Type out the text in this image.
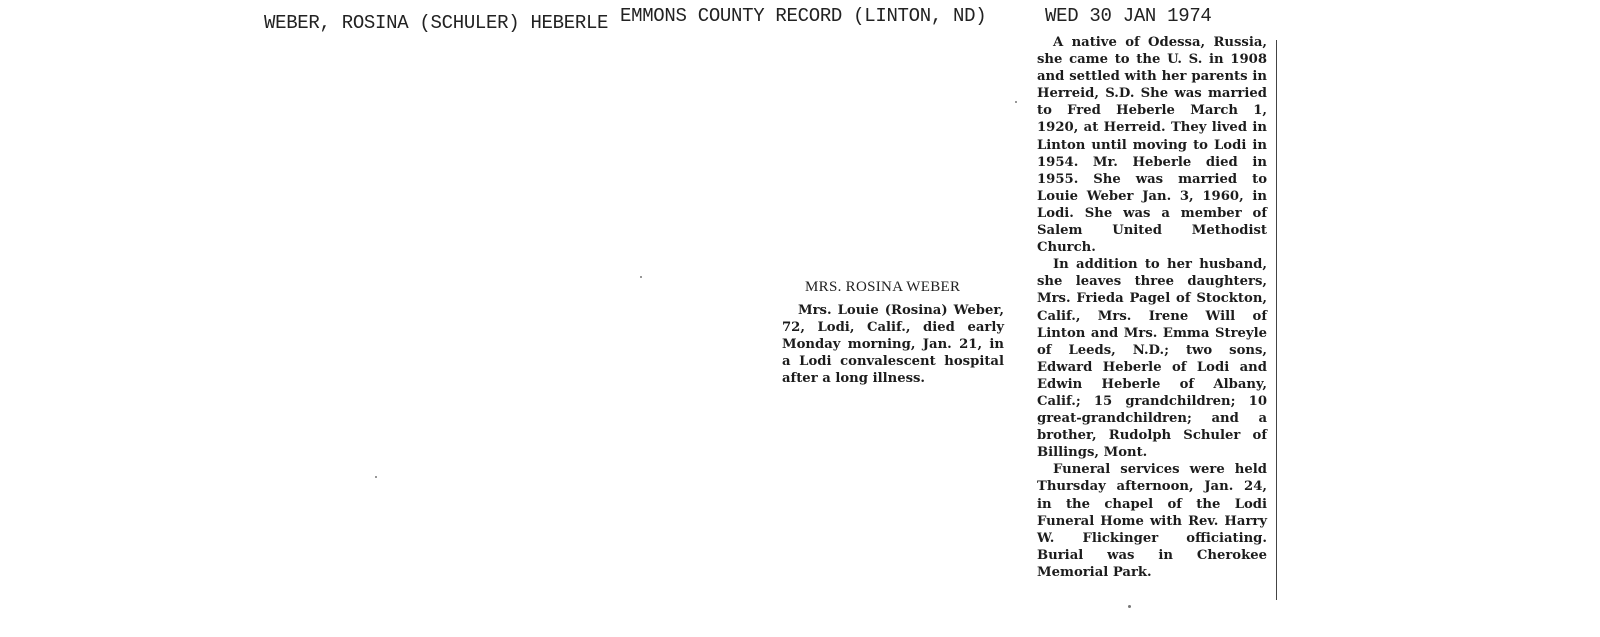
WEBER, ROSINA (SCHULER) HEBERLE EMMONS COUNTY RECORD (LINTON, ND)	WED 30 JAN 1974
MRS. ROSINA WEBER

Mrs. Louie (Rosina) Weber, 72, Lodi, Calif., died early Monday morning, Jan. 21, in a Lodi convalescent hospital after a long illness.

A native of Odessa, Russia, she came to the U. S. in 1908 and settled with her parents in Herreid, S.D. She was married to Fred Heberle March 1, 1920, at Herreid. They lived in Linton until moving to Lodi in 1954. Mr. Heberle died in 1955. She was married to Louie Weber Jan. 3, 1960, in Lodi. She was a member of Salem United Methodist Church.

In addition to her husband, she leaves three daughters, Mrs. Frieda Pagel of Stockton, Calif., Mrs. Irene Will of Linton and Mrs. Emma Streyle of Leeds, N.D.; two sons, Edward Heberle of Lodi and Edwin Heberle of Albany, Calif.; 15 grandchildren; 10 great-grandchildren; and a brother, Rudolph Schuler of Billings, Mont.

Funeral services were held Thursday afternoon, Jan. 24, in the chapel of the Lodi Funeral Home with Rev. Harry W. Flickinger officiating. Burial was in Cherokee Memorial Park.
